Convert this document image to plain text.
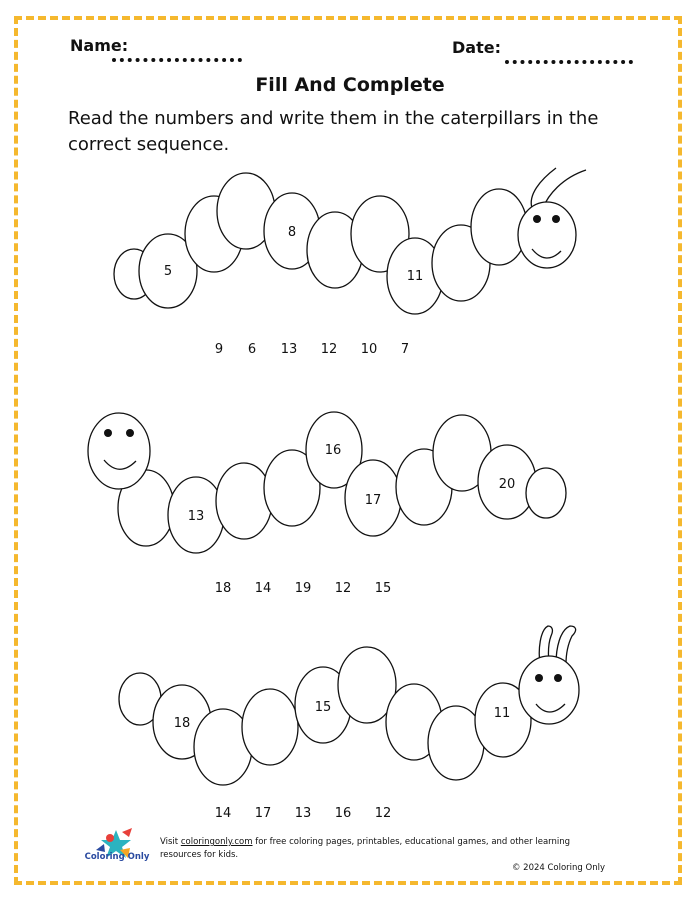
Name:	Date:
Fill And Complete
Read the numbers and write them in the caterpillars in the correct sequence.
5
8
11
9 6 13 12 10 7
13
16
17
20
18 14 19 12 15
18
15	11
14 17 13 16 12
Coloring Only
Visit coloringonly.com for free coloring pages, printables, educational games, and other learning resources for kids.
© 2024 Coloring Only
